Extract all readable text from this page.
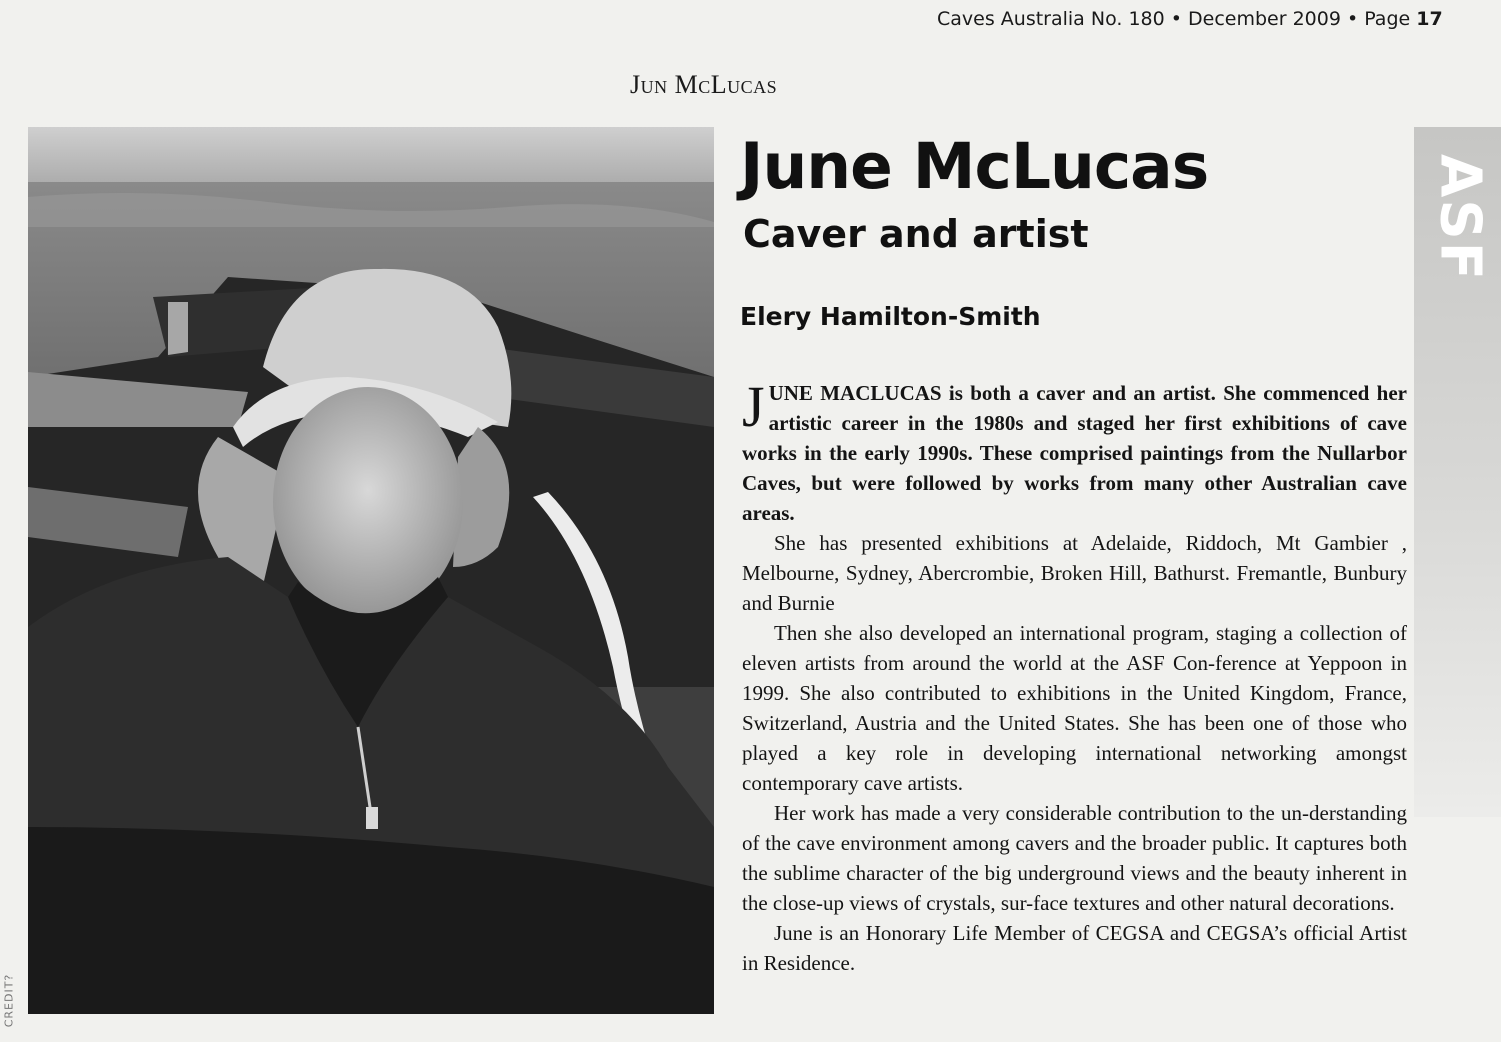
Caves Australia No. 180 • December 2009 • Page 17
Jun McLucas
CREDIT?
ASF
June McLucas
Caver and artist
Elery Hamilton-Smith

JUNE MACLUCAS is both a caver and an artist. She commenced her artistic career in the 1980s and staged her first exhibitions of cave works in the early 1990s. These comprised paintings from the Nullarbor Caves, but were followed by works from many other Australian cave areas.

She has presented exhibitions at Adelaide, Riddoch, Mt Gambier , Melbourne, Sydney, Abercrombie, Broken Hill, Bathurst. Fremantle, Bunbury and Burnie

Then she also developed an international program, staging a collection of eleven artists from around the world at the ASF Con-ference at Yeppoon in 1999. She also contributed to exhibitions in the United Kingdom, France, Switzerland, Austria and the United States. She has been one of those who played a key role in developing international networking amongst contemporary cave artists.

Her work has made a very considerable contribution to the un-derstanding of the cave environment among cavers and the broader public. It captures both the sublime character of the big underground views and the beauty inherent in the close-up views of crystals, sur-face textures and other natural decorations.

June is an Honorary Life Member of CEGSA and CEGSA’s official Artist in Residence.
